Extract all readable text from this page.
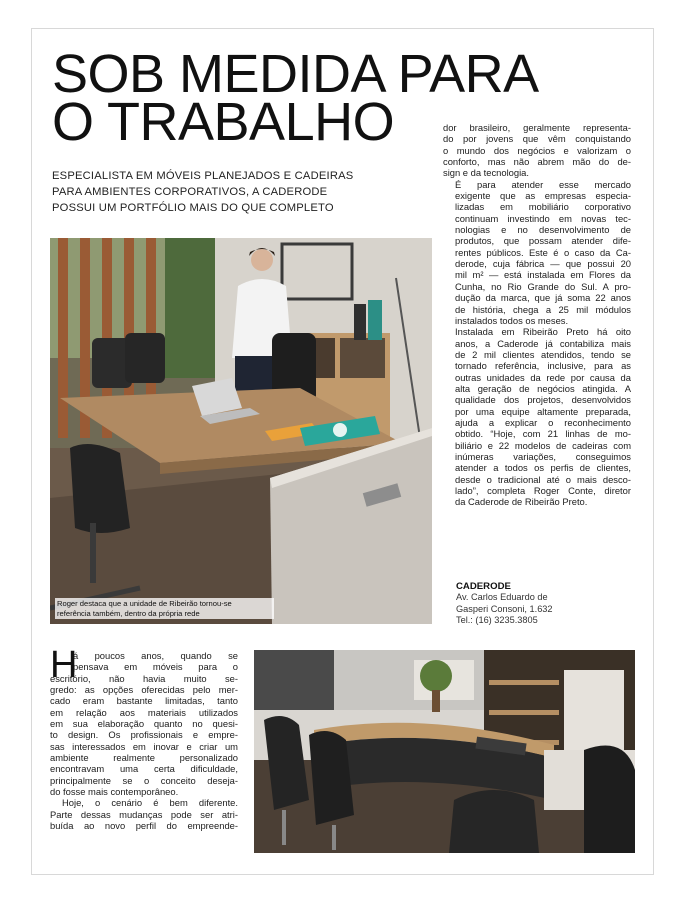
SOB MEDIDA PARA
O TRABALHO

ESPECIALISTA EM MÓVEIS PLANEJADOS E CADEIRAS
PARA AMBIENTES CORPORATIVOS, A CADERODE
POSSUI UM PORTFÓLIO MAIS DO QUE COMPLETO

Roger destaca que a unidade de Ribeirão tornou-se
referência também, dentro da própria rede

dor brasileiro, geralmente representa-
do por jovens que vêm conquistando
o mundo dos negócios e valorizam o
conforto, mas não abrem mão do de-
sign e da tecnologia.

É para atender esse mercado
exigente que as empresas especia-
lizadas em mobiliário corporativo
continuam investindo em novas tec-
nologias e no desenvolvimento de
produtos, que possam atender dife-
rentes públicos. Este é o caso da Ca-
derode, cuja fábrica — que possui 20
mil m² — está instalada em Flores da
Cunha, no Rio Grande do Sul. A pro-
dução da marca, que já soma 22 anos
de história, chega a 25 mil módulos
instalados todos os meses.

Instalada em Ribeirão Preto há oito
anos, a Caderode já contabiliza mais
de 2 mil clientes atendidos, tendo se
tornado referência, inclusive, para as
outras unidades da rede por causa da
alta geração de negócios atingida. A
qualidade dos projetos, desenvolvidos
por uma equipe altamente preparada,
ajuda a explicar o reconhecimento
obtido. “Hoje, com 21 linhas de mo-
biliário e 22 modelos de cadeiras com
inúmeras variações, conseguimos
atender a todos os perfis de clientes,
desde o tradicional até o mais desco-
lado”, completa Roger Conte, diretor
da Caderode de Ribeirão Preto.

CADERODE
Av. Carlos Eduardo de
Gasperi Consoni, 1.632
Tel.: (16) 3235.3805

H
á poucos anos, quando se
pensava em móveis para o
escritório, não havia muito se-
gredo: as opções oferecidas pelo mer-
cado eram bastante limitadas, tanto
em relação aos materiais utilizados
em sua elaboração quanto no quesi-
to design. Os profissionais e empre-
sas interessados em inovar e criar um
ambiente realmente personalizado
encontravam uma certa dificuldade,
principalmente se o conceito deseja-
do fosse mais contemporâneo.

Hoje, o cenário é bem diferente.
Parte dessas mudanças pode ser atri-
buída ao novo perfil do empreende-
